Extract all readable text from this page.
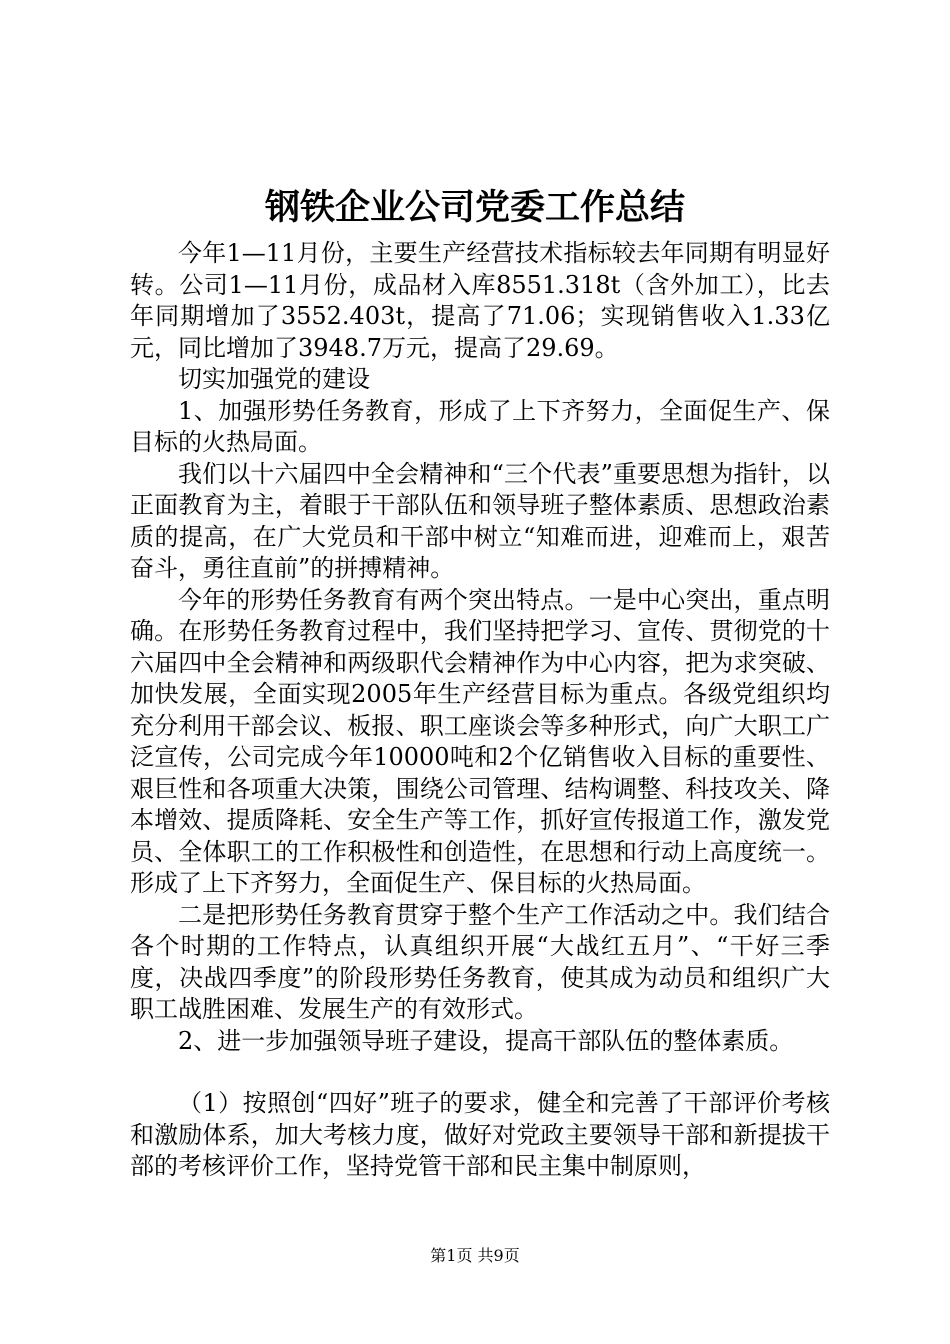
钢铁企业公司党委工作总结

今年1—11月份，主要生产经营技术指标较去年同期有明显好转。公司1—11月份，成品材入库8551.318t（含外加工），比去年同期增加了3552.403t，提高了71.06；实现销售收入1.33亿元，同比增加了3948.7万元，提高了29.69。

切实加强党的建设

1、加强形势任务教育，形成了上下齐努力，全面促生产、保目标的火热局面。

我们以十六届四中全会精神和“三个代表”重要思想为指针，以正面教育为主，着眼于干部队伍和领导班子整体素质、思想政治素质的提高，在广大党员和干部中树立“知难而进，迎难而上，艰苦奋斗，勇往直前”的拼搏精神。

今年的形势任务教育有两个突出特点。一是中心突出，重点明确。在形势任务教育过程中，我们坚持把学习、宣传、贯彻党的十六届四中全会精神和两级职代会精神作为中心内容，把为求突破、加快发展，全面实现2005年生产经营目标为重点。各级党组织均充分利用干部会议、板报、职工座谈会等多种形式，向广大职工广泛宣传，公司完成今年10000吨和2个亿销售收入目标的重要性、艰巨性和各项重大决策，围绕公司管理、结构调整、科技攻关、降本增效、提质降耗、安全生产等工作，抓好宣传报道工作，激发党员、全体职工的工作积极性和创造性，在思想和行动上高度统一。形成了上下齐努力，全面促生产、保目标的火热局面。

二是把形势任务教育贯穿于整个生产工作活动之中。我们结合各个时期的工作特点，认真组织开展“大战红五月”、“干好三季度，决战四季度”的阶段形势任务教育，使其成为动员和组织广大职工战胜困难、发展生产的有效形式。

2、进一步加强领导班子建设，提高干部队伍的整体素质。

（1）按照创“四好”班子的要求，健全和完善了干部评价考核和激励体系，加大考核力度，做好对党政主要领导干部和新提拔干部的考核评价工作，坚持党管干部和民主集中制原则，

第1页 共9页
